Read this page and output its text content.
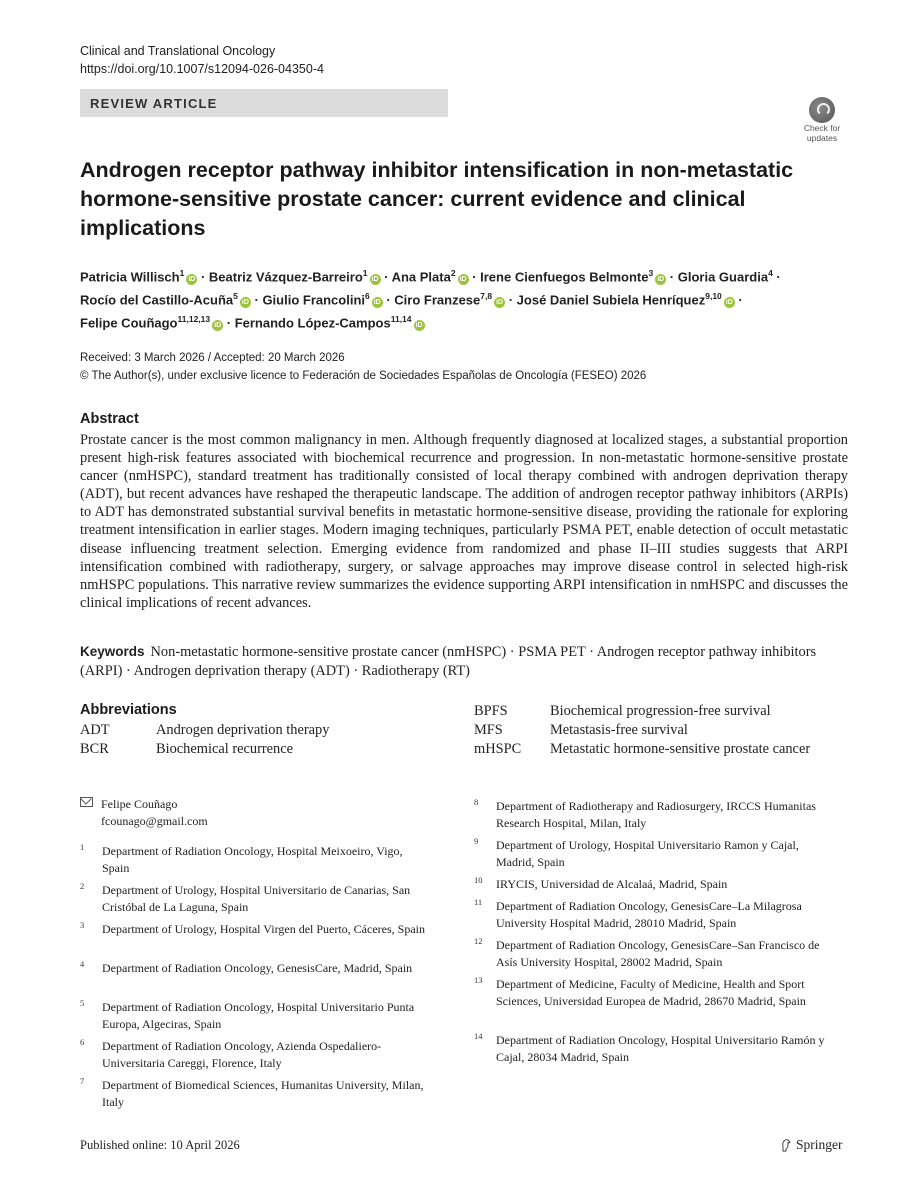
Clinical and Translational Oncology
https://doi.org/10.1007/s12094-026-04350-4
REVIEW ARTICLE
Check for updates
Androgen receptor pathway inhibitor intensification in non-metastatic hormone-sensitive prostate cancer: current evidence and clinical implications
Patricia Willisch$^1$iD · Beatriz Vázquez-Barreiro$^1$iD · Ana Plata$^2$iD · Irene Cienfuegos Belmonte$^3$iD · Gloria Guardia$^4$ ·
Rocío del Castillo-Acuña$^5$iD · Giulio Francolini$^6$iD · Ciro Franzese$^{7,8}$iD · José Daniel Subiela Henríquez$^{9,10}$iD ·
Felipe Couñago$^{11,12,13}$iD · Fernando López-Campos$^{11,14}$iD
Received: 3 March 2026 / Accepted: 20 March 2026
© The Author(s), under exclusive licence to Federación de Sociedades Españolas de Oncología (FESEO) 2026
Abstract
Prostate cancer is the most common malignancy in men. Although frequently diagnosed at localized stages, a substantial proportion present high-risk features associated with biochemical recurrence and progression. In non-metastatic hormone-sensitive prostate cancer (nmHSPC), standard treatment has traditionally consisted of local therapy combined with androgen deprivation therapy (ADT), but recent advances have reshaped the therapeutic landscape. The addition of androgen receptor pathway inhibitors (ARPIs) to ADT has demonstrated substantial survival benefits in metastatic hormone-sensitive disease, providing the rationale for exploring treatment intensification in earlier stages. Modern imaging techniques, particularly PSMA PET, enable detection of occult metastatic disease influencing treatment selection. Emerging evidence from randomized and phase II–III studies suggests that ARPI intensification combined with radiotherapy, surgery, or salvage approaches may improve disease control in selected high-risk nmHSPC populations. This narrative review summarizes the evidence supporting ARPI intensification in nmHSPC and discusses the clinical implications of recent advances.
Keywords Non-metastatic hormone-sensitive prostate cancer (nmHSPC) · PSMA PET · Androgen receptor pathway inhibitors (ARPI) · Androgen deprivation therapy (ADT) · Radiotherapy (RT)
Abbreviations
ADT	Androgen deprivation therapy
BCR	Biochemical recurrence
BPFS	Biochemical progression-free survival
MFS	Metastasis-free survival
mHSPC	Metastatic hormone-sensitive prostate cancer
Felipe Couñago
fcounago@gmail.com
1 Department of Radiation Oncology, Hospital Meixoeiro, Vigo, Spain
2 Department of Urology, Hospital Universitario de Canarias, San Cristóbal de La Laguna, Spain
3 Department of Urology, Hospital Virgen del Puerto, Cáceres, Spain
4 Department of Radiation Oncology, GenesisCare, Madrid, Spain
5 Department of Radiation Oncology, Hospital Universitario Punta Europa, Algeciras, Spain
6 Department of Radiation Oncology, Azienda Ospedaliero-Universitaria Careggi, Florence, Italy
7 Department of Biomedical Sciences, Humanitas University, Milan, Italy
8 Department of Radiotherapy and Radiosurgery, IRCCS Humanitas Research Hospital, Milan, Italy
9 Department of Urology, Hospital Universitario Ramon y Cajal, Madrid, Spain
10 IRYCIS, Universidad de Alcalaá, Madrid, Spain
11 Department of Radiation Oncology, GenesisCare–La Milagrosa University Hospital Madrid, 28010 Madrid, Spain
12 Department of Radiation Oncology, GenesisCare–San Francisco de Asís University Hospital, 28002 Madrid, Spain
13 Department of Medicine, Faculty of Medicine, Health and Sport Sciences, Universidad Europea de Madrid, 28670 Madrid, Spain
14 Department of Radiation Oncology, Hospital Universitario Ramón y Cajal, 28034 Madrid, Spain
Published online: 10 April 2026	Springer
